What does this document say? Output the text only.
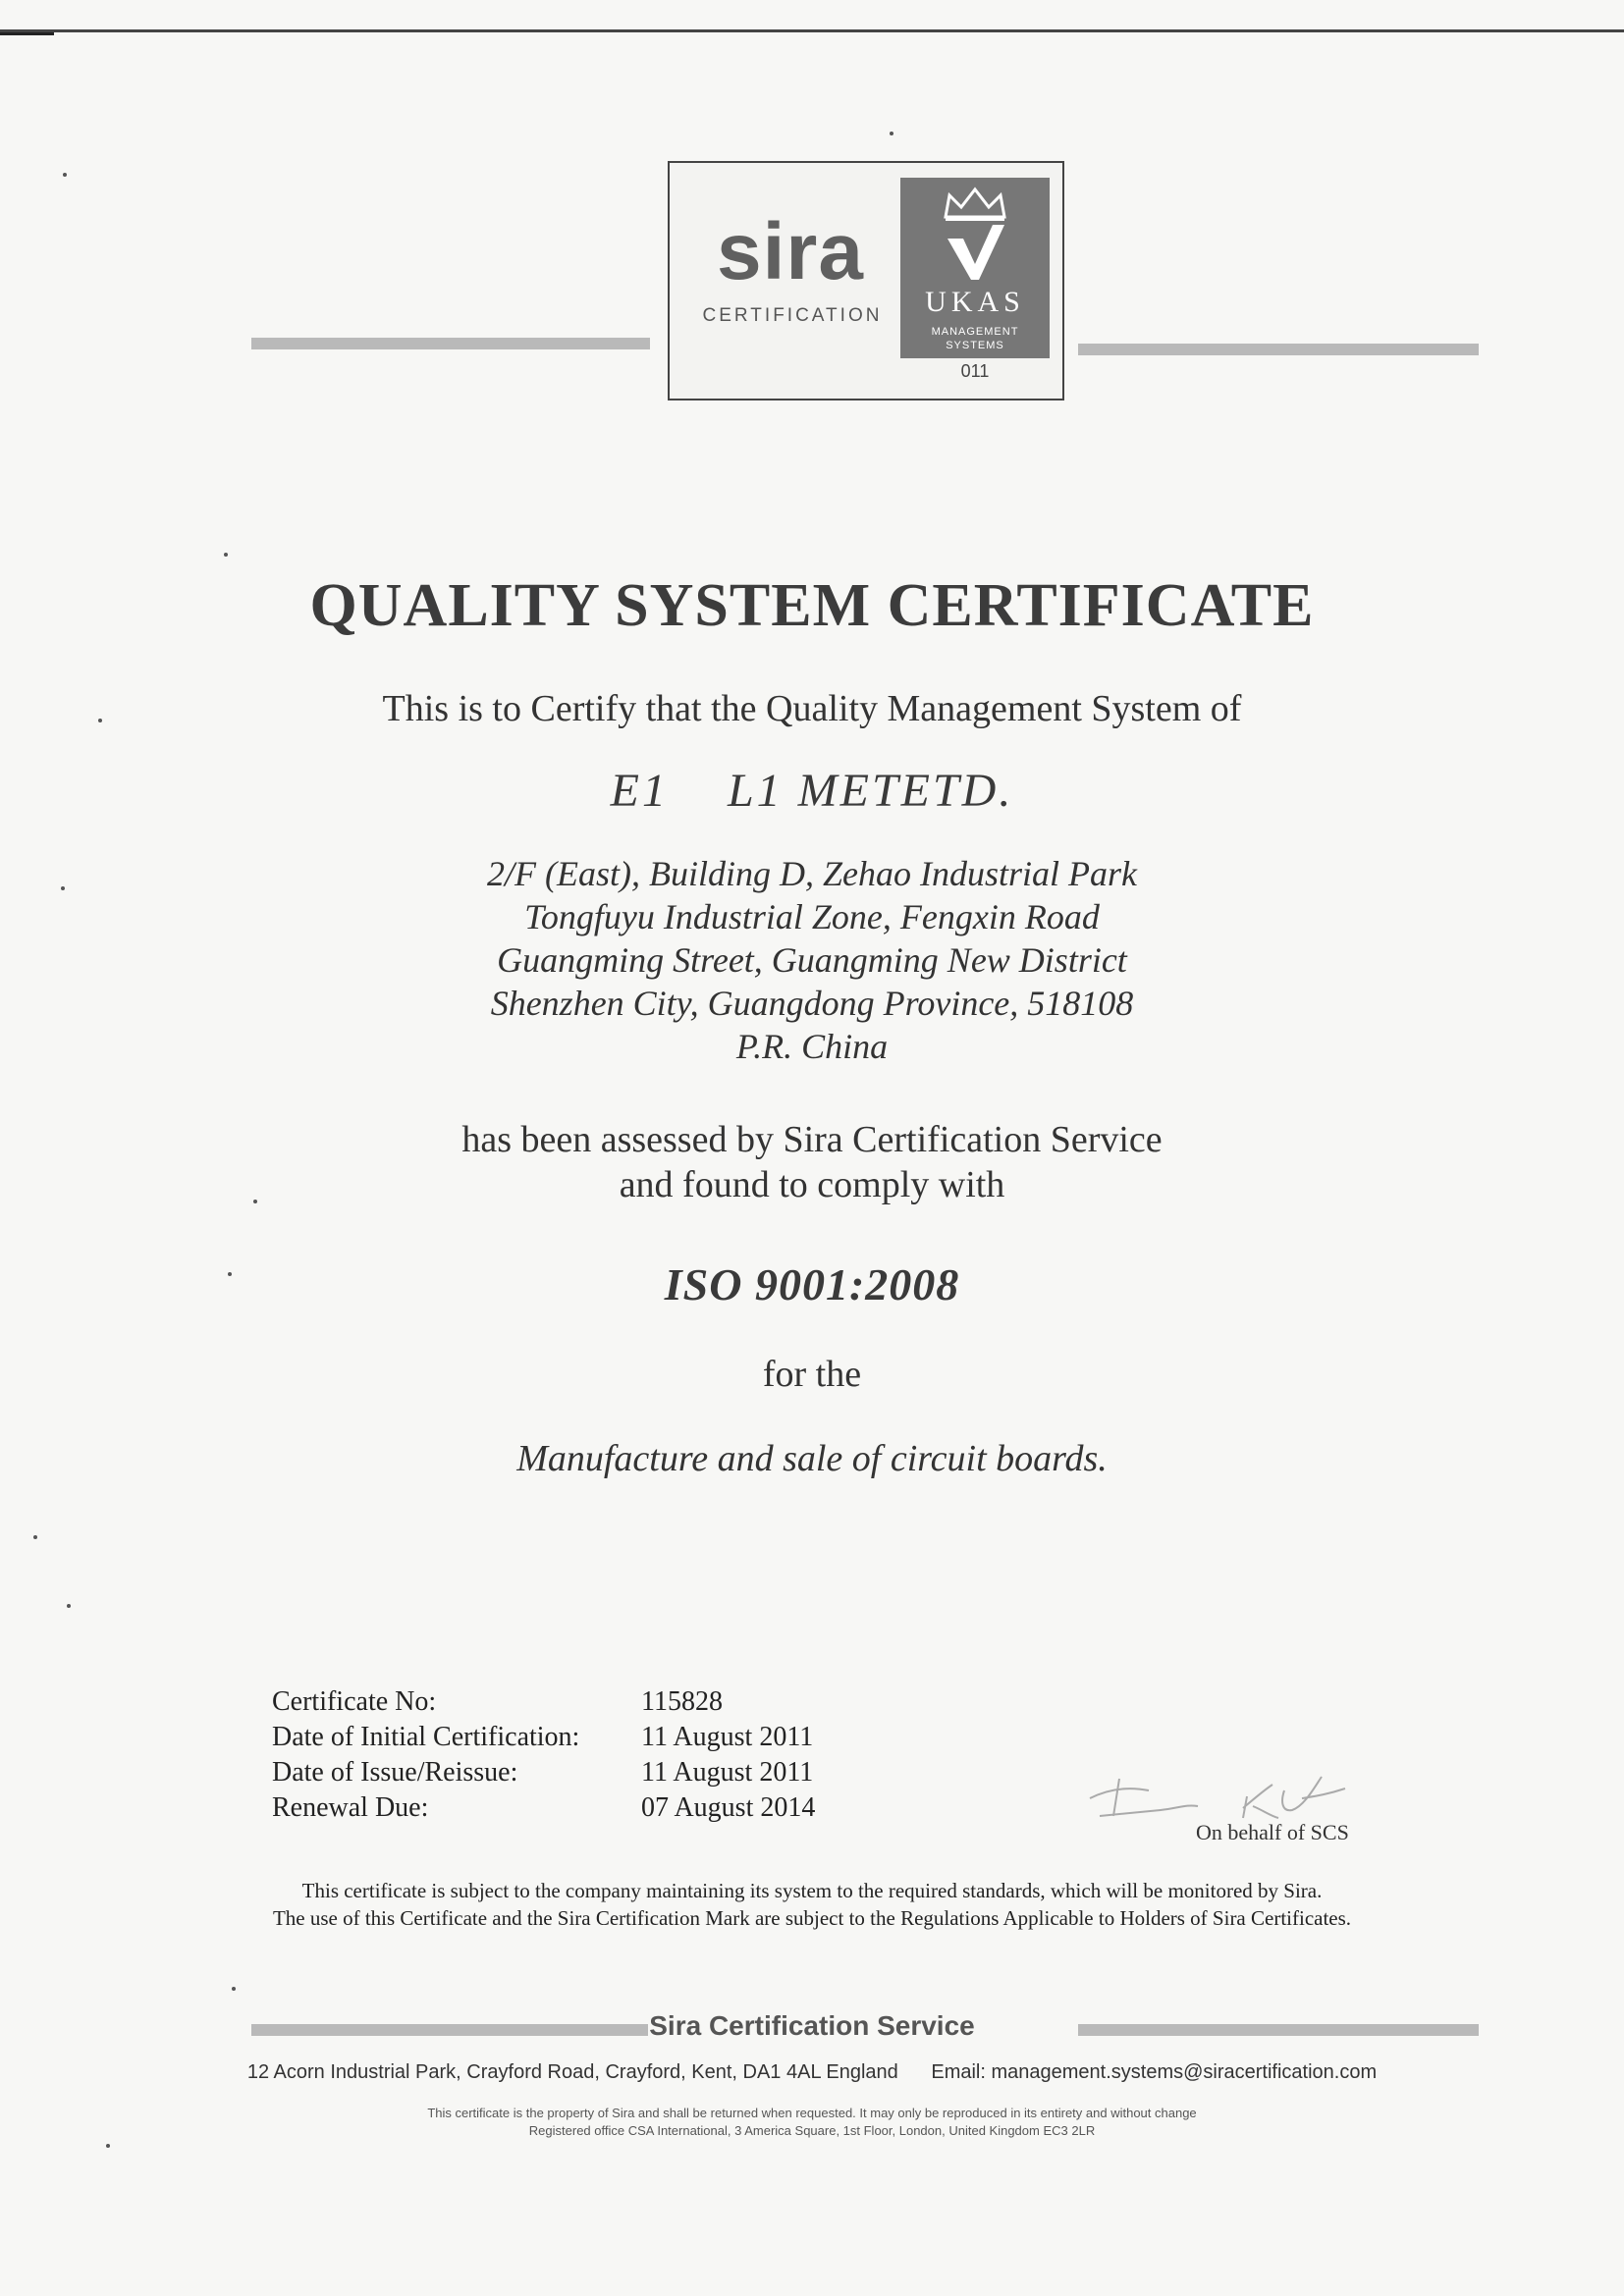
sira
CERTIFICATION	UKAS
MANAGEMENT
SYSTEMS
011
QUALITY SYSTEM CERTIFICATE
This is to Certify that the Quality Management System of
E1    L1 METETD.
2/F (East), Building D, Zehao Industrial Park
Tongfuyu Industrial Zone, Fengxin Road
Guangming Street, Guangming New District
Shenzhen City, Guangdong Province, 518108
P.R. China
has been assessed by Sira Certification Service
and found to comply with
ISO 9001:2008
for the
Manufacture and sale of circuit boards.
Certificate No:	115828
Date of Initial Certification:	11 August 2011
Date of Issue/Reissue:	11 August 2011
Renewal Due:	07 August 2014
On behalf of SCS
This certificate is subject to the company maintaining its system to the required standards, which will be monitored by Sira.
The use of this Certificate and the Sira Certification Mark are subject to the Regulations Applicable to Holders of Sira Certificates.
Sira Certification Service
12 Acorn Industrial Park, Crayford Road, Crayford, Kent, DA1 4AL England Email: management.systems@siracertification.com
This certificate is the property of Sira and shall be returned when requested. It may only be reproduced in its entirety and without change
Registered office CSA International, 3 America Square, 1st Floor, London, United Kingdom EC3 2LR
